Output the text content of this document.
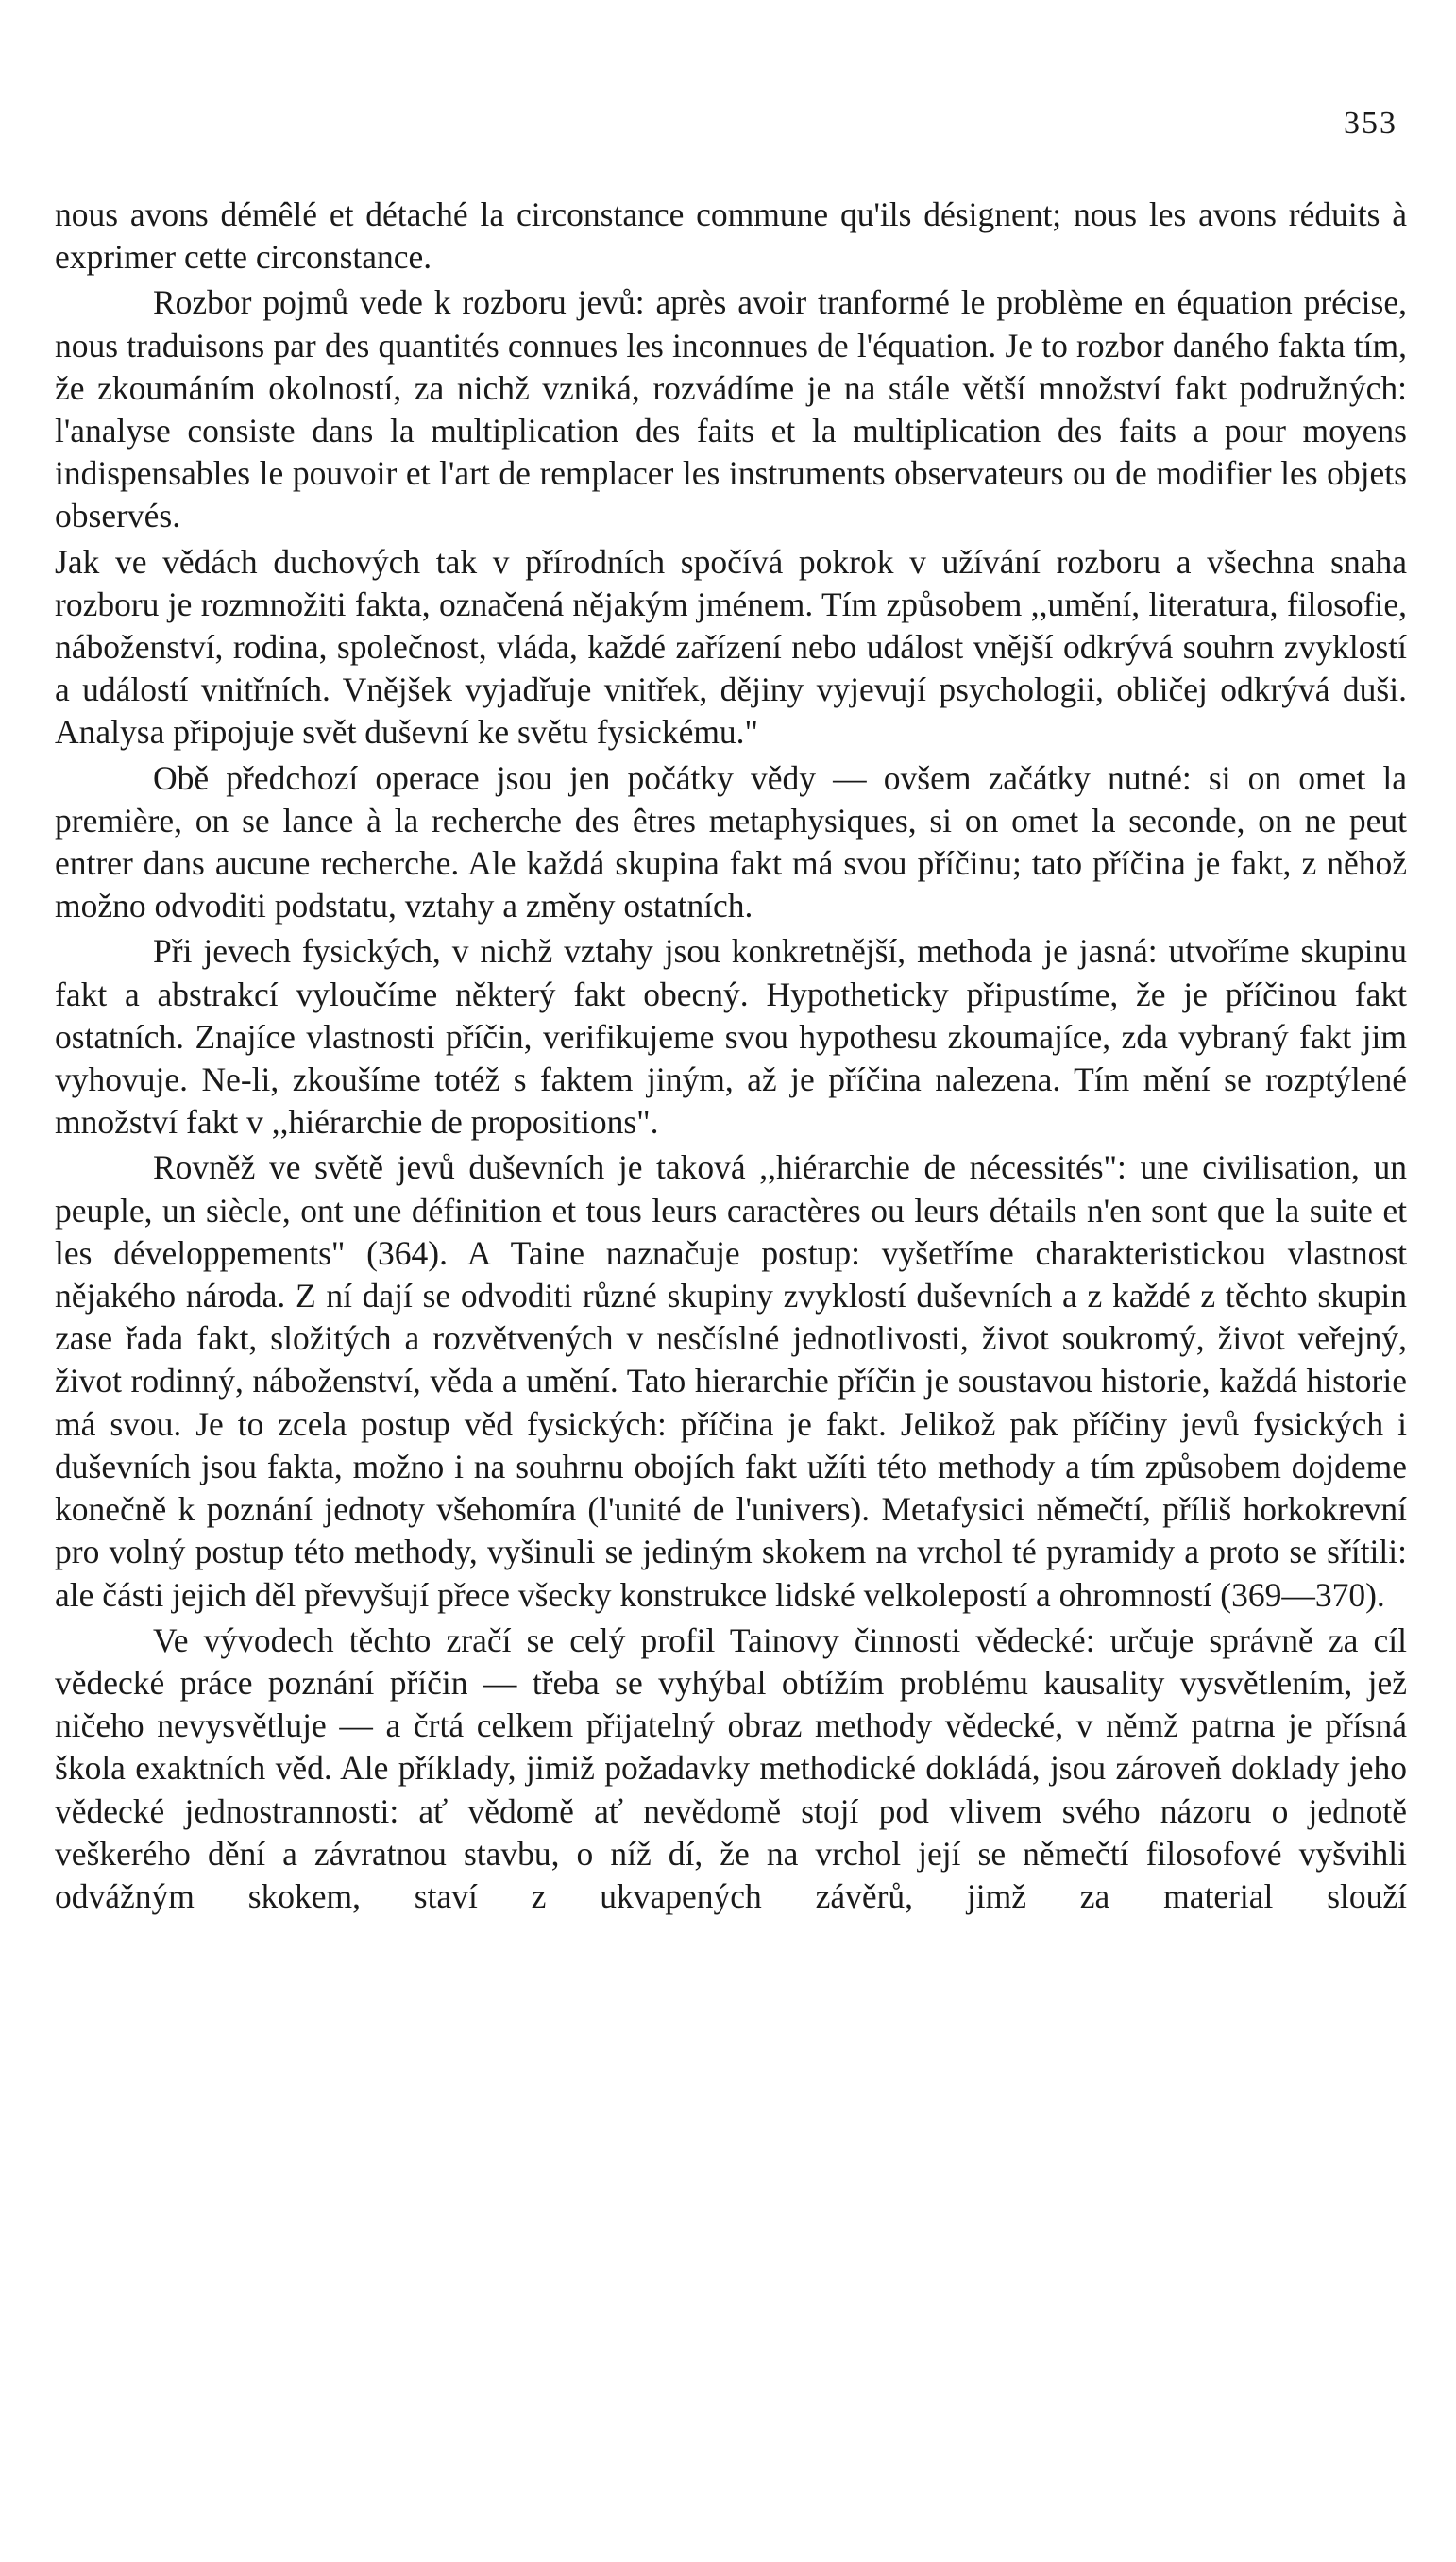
353

nous avons démêlé et détaché la circonstance commune qu'ils désignent; nous les avons réduits à exprimer cette circonstance.

Rozbor pojmů vede k rozboru jevů: après avoir tranformé le problème en équation précise, nous traduisons par des quantités connues les inconnues de l'équation. Je to rozbor daného fakta tím, že zkoumáním okolností, za nichž vzniká, rozvádíme je na stále větší množství fakt podružných: l'analyse consiste dans la multiplication des faits et la multiplication des faits a pour moyens indispensables le pouvoir et l'art de remplacer les instruments observateurs ou de modifier les objets observés.

Jak ve vědách duchových tak v přírodních spočívá pokrok v užívání rozboru a všechna snaha rozboru je rozmnožiti fakta, označená nějakým jménem. Tím způsobem ,,umění, literatura, filosofie, náboženství, rodina, společnost, vláda, každé zařízení nebo událost vnější odkrývá souhrn zvyklostí a událostí vnitřních. Vnějšek vyjadřuje vnitřek, dějiny vyjevují psychologii, obličej odkrývá duši. Analysa připojuje svět duševní ke světu fysickému."

Obě předchozí operace jsou jen počátky vědy — ovšem začátky nutné: si on omet la première, on se lance à la recherche des êtres metaphysiques, si on omet la seconde, on ne peut entrer dans aucune recherche. Ale každá skupina fakt má svou příčinu; tato příčina je fakt, z něhož možno odvoditi podstatu, vztahy a změny ostatních.

Při jevech fysických, v nichž vztahy jsou konkretnější, methoda je jasná: utvoříme skupinu fakt a abstrakcí vyloučíme některý fakt obecný. Hypotheticky připustíme, že je příčinou fakt ostatních. Znajíce vlastnosti příčin, verifikujeme svou hypothesu zkoumajíce, zda vybraný fakt jim vyhovuje. Ne-li, zkoušíme totéž s faktem jiným, až je příčina nalezena. Tím mění se rozptýlené množství fakt v ,,hiérarchie de propositions".

Rovněž ve světě jevů duševních je taková ,,hiérarchie de nécessités": une civilisation, un peuple, un siècle, ont une définition et tous leurs caractères ou leurs détails n'en sont que la suite et les développements" (364). A Taine naznačuje postup: vyšetříme charakteristickou vlastnost nějakého národa. Z ní dají se odvoditi různé skupiny zvyklostí duševních a z každé z těchto skupin zase řada fakt, složitých a rozvětvených v nesčíslné jednotlivosti, život soukromý, život veřejný, život rodinný, náboženství, věda a umění. Tato hierarchie příčin je soustavou historie, každá historie má svou. Je to zcela postup věd fysických: příčina je fakt. Jelikož pak příčiny jevů fysických i duševních jsou fakta, možno i na souhrnu obojích fakt užíti této methody a tím způsobem dojdeme konečně k poznání jednoty všehomíra (l'unité de l'univers). Metafysici němečtí, příliš horkokrevní pro volný postup této methody, vyšinuli se jediným skokem na vrchol té pyramidy a proto se sřítili: ale části jejich děl převyšují přece všecky konstrukce lidské velkolepostí a ohromností (369—370).

Ve vývodech těchto zračí se celý profil Tainovy činnosti vědecké: určuje správně za cíl vědecké práce poznání příčin — třeba se vyhýbal obtížím problému kausality vysvětlením, jež ničeho nevysvětluje — a črtá celkem přijatelný obraz methody vědecké, v němž patrna je přísná škola exaktních věd. Ale příklady, jimiž požadavky methodické dokládá, jsou zároveň doklady jeho vědecké jednostrannosti: ať vědomě ať nevědomě stojí pod vlivem svého názoru o jednotě veškerého dění a závratnou stavbu, o níž dí, že na vrchol její se němečtí filosofové vyšvihli odvážným skokem, staví z ukvapených závěrů, jimž za material slouží
